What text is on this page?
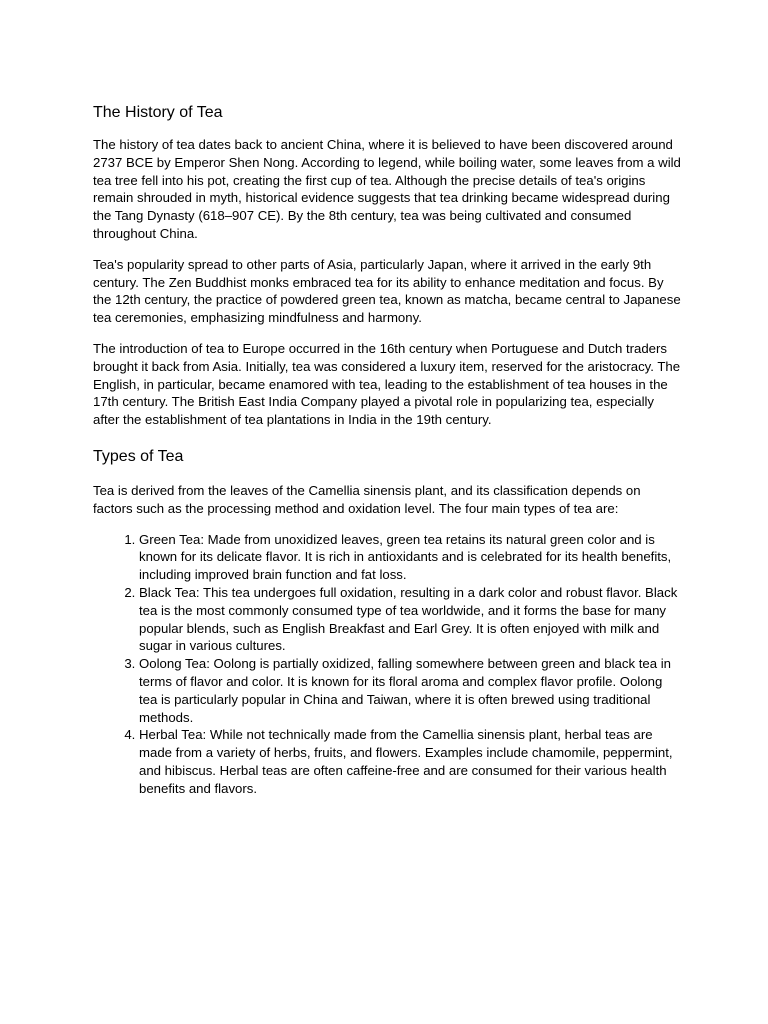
The History of Tea

The history of tea dates back to ancient China, where it is believed to have been discovered around 2737 BCE by Emperor Shen Nong. According to legend, while boiling water, some leaves from a wild tea tree fell into his pot, creating the first cup of tea. Although the precise details of tea's origins remain shrouded in myth, historical evidence suggests that tea drinking became widespread during the Tang Dynasty (618–907 CE). By the 8th century, tea was being cultivated and consumed throughout China.

Tea's popularity spread to other parts of Asia, particularly Japan, where it arrived in the early 9th century. The Zen Buddhist monks embraced tea for its ability to enhance meditation and focus. By the 12th century, the practice of powdered green tea, known as matcha, became central to Japanese tea ceremonies, emphasizing mindfulness and harmony.

The introduction of tea to Europe occurred in the 16th century when Portuguese and Dutch traders brought it back from Asia. Initially, tea was considered a luxury item, reserved for the aristocracy. The English, in particular, became enamored with tea, leading to the establishment of tea houses in the 17th century. The British East India Company played a pivotal role in popularizing tea, especially after the establishment of tea plantations in India in the 19th century.

Types of Tea

Tea is derived from the leaves of the Camellia sinensis plant, and its classification depends on factors such as the processing method and oxidation level. The four main types of tea are:

1. Green Tea: Made from unoxidized leaves, green tea retains its natural green color and is known for its delicate flavor. It is rich in antioxidants and is celebrated for its health benefits, including improved brain function and fat loss.
2. Black Tea: This tea undergoes full oxidation, resulting in a dark color and robust flavor. Black tea is the most commonly consumed type of tea worldwide, and it forms the base for many popular blends, such as English Breakfast and Earl Grey. It is often enjoyed with milk and sugar in various cultures.
3. Oolong Tea: Oolong is partially oxidized, falling somewhere between green and black tea in terms of flavor and color. It is known for its floral aroma and complex flavor profile. Oolong tea is particularly popular in China and Taiwan, where it is often brewed using traditional methods.
4. Herbal Tea: While not technically made from the Camellia sinensis plant, herbal teas are made from a variety of herbs, fruits, and flowers. Examples include chamomile, peppermint, and hibiscus. Herbal teas are often caffeine-free and are consumed for their various health benefits and flavors.
